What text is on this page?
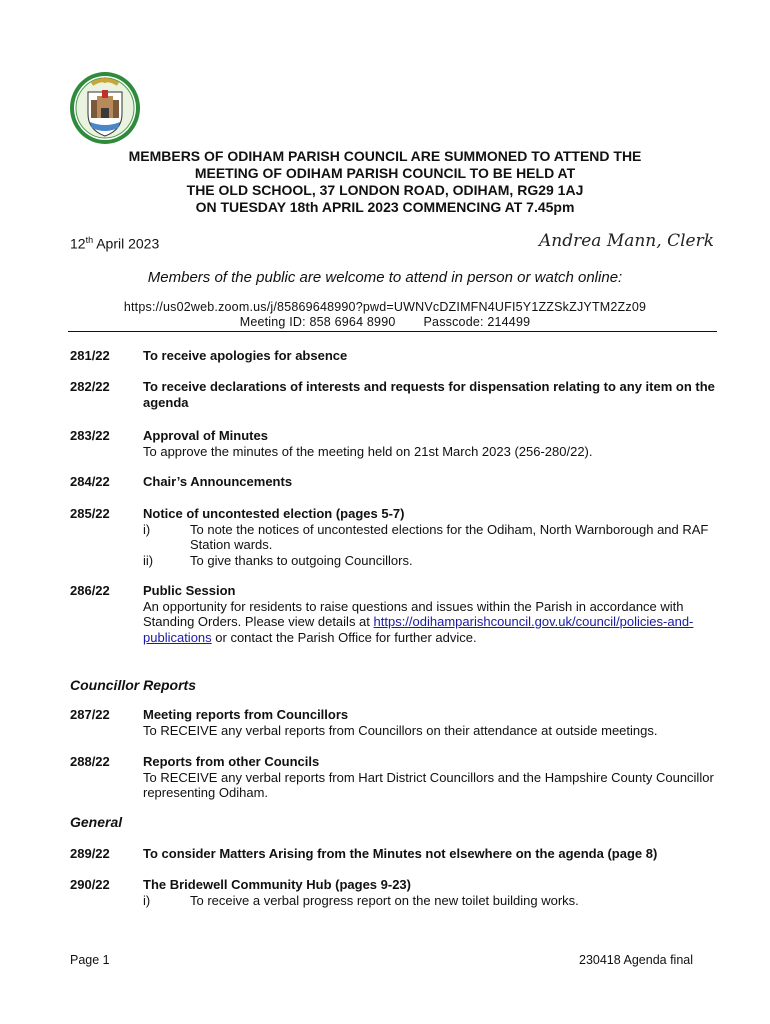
MEMBERS OF ODIHAM PARISH COUNCIL ARE SUMMONED TO ATTEND THE
MEETING OF ODIHAM PARISH COUNCIL TO BE HELD AT
THE OLD SCHOOL, 37 LONDON ROAD, ODIHAM, RG29 1AJ
ON TUESDAY 18th APRIL 2023 COMMENCING AT 7.45pm
12th April 2023	Andrea Mann, Clerk
Members of the public are welcome to attend in person or watch online:
https://us02web.zoom.us/j/85869648990?pwd=UWNVcDZIMFN4UFI5Y1ZZSkZJYTM2Zz09
Meeting ID: 858 6964 8990 Passcode: 214499
281/22	To receive apologies for absence
282/22	To receive declarations of interests and requests for dispensation relating to any item on the agenda
283/22	Approval of Minutes
To approve the minutes of the meeting held on 21st March 2023 (256-280/22).
284/22	Chair’s Announcements
285/22	Notice of uncontested election (pages 5-7)
i)	To note the notices of uncontested elections for the Odiham, North Warnborough and RAF Station wards.
ii)	To give thanks to outgoing Councillors.
286/22	Public Session
An opportunity for residents to raise questions and issues within the Parish in accordance with Standing Orders. Please view details at https://odihamparishcouncil.gov.uk/council/policies-and-publications or contact the Parish Office for further advice.
Councillor Reports
287/22	Meeting reports from Councillors
To RECEIVE any verbal reports from Councillors on their attendance at outside meetings.
288/22	Reports from other Councils
To RECEIVE any verbal reports from Hart District Councillors and the Hampshire County Councillor representing Odiham.
General
289/22	To consider Matters Arising from the Minutes not elsewhere on the agenda (page 8)
290/22	The Bridewell Community Hub (pages 9-23)
i)	To receive a verbal progress report on the new toilet building works.
Page 1	230418 Agenda final
